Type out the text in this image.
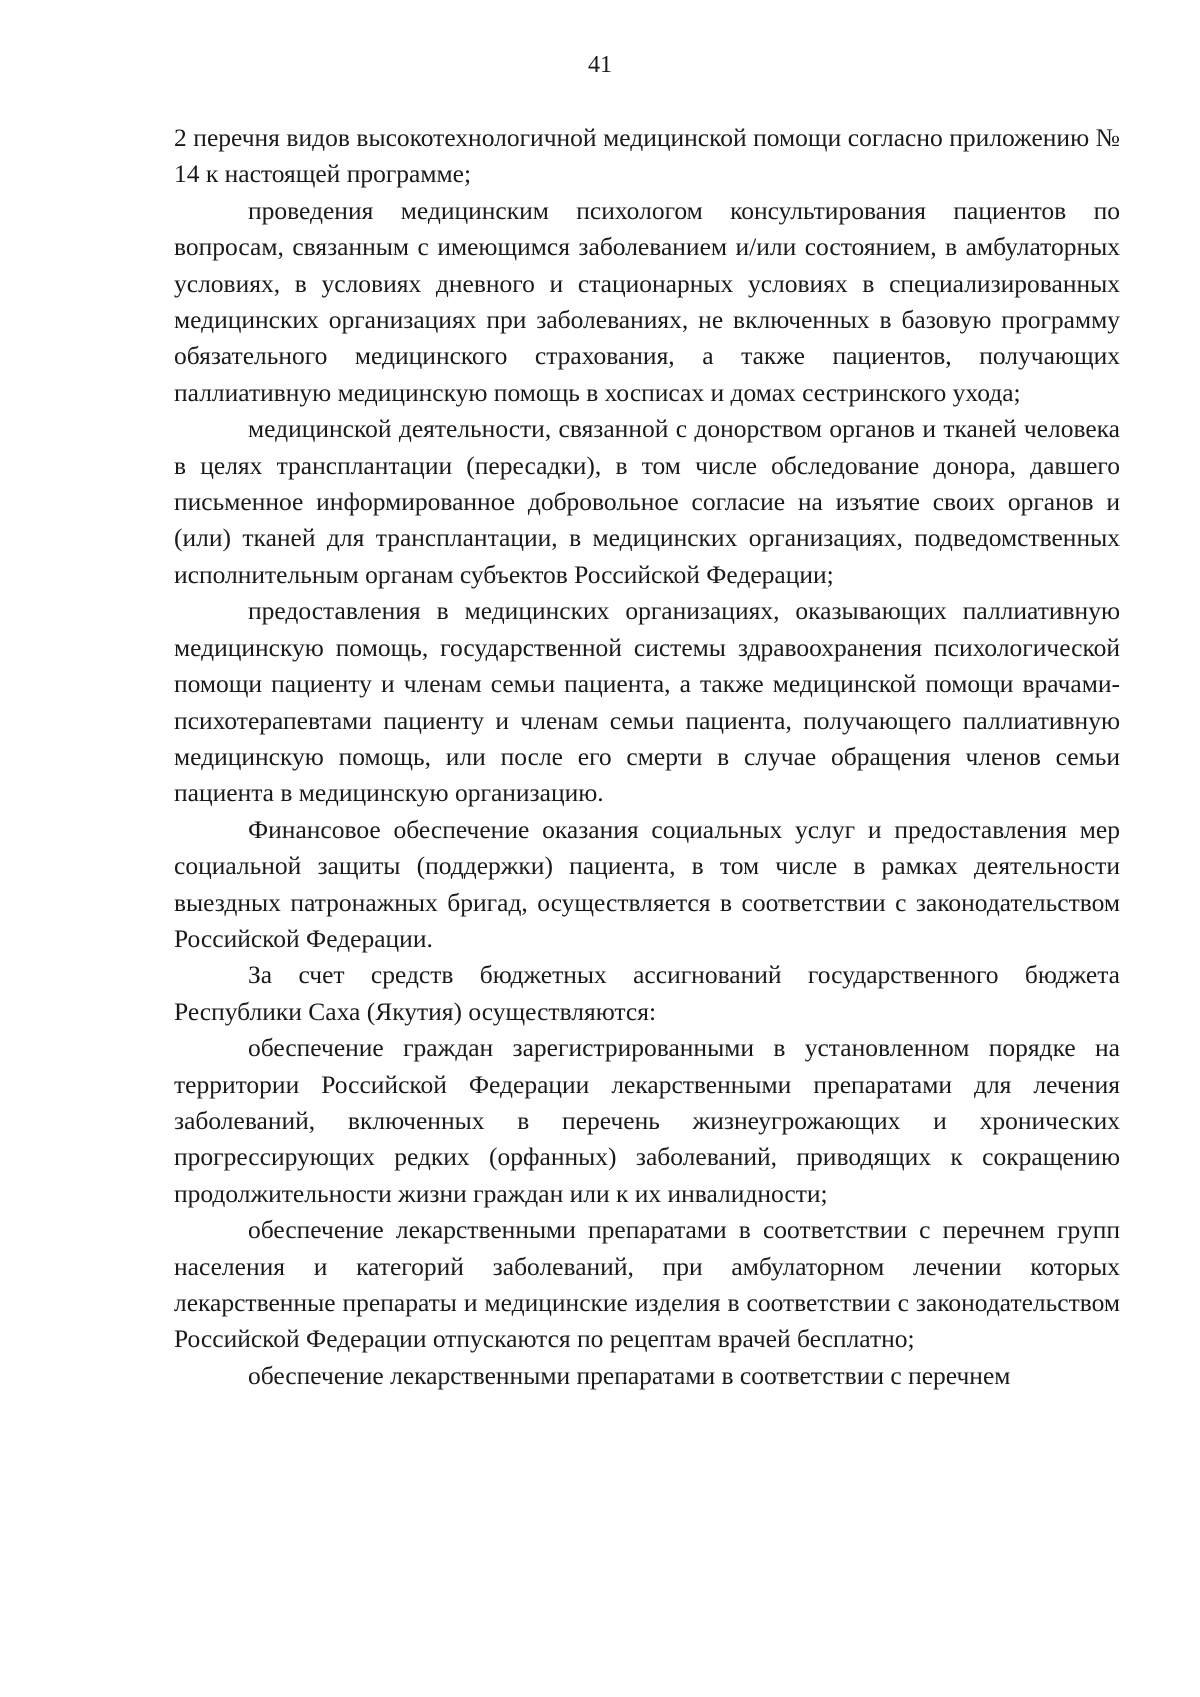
41

2 перечня видов высокотехнологичной медицинской помощи согласно приложению № 14 к настоящей программе;

проведения медицинским психологом консультирования пациентов по вопросам, связанным с имеющимся заболеванием и/или состоянием, в амбулаторных условиях, в условиях дневного и стационарных условиях в специализированных медицинских организациях при заболеваниях, не включенных в базовую программу обязательного медицинского страхования, а также пациентов, получающих паллиативную медицинскую помощь в хосписах и домах сестринского ухода;

медицинской деятельности, связанной с донорством органов и тканей человека в целях трансплантации (пересадки), в том числе обследование донора, давшего письменное информированное добровольное согласие на изъятие своих органов и (или) тканей для трансплантации, в медицинских организациях, подведомственных исполнительным органам субъектов Российской Федерации;

предоставления в медицинских организациях, оказывающих паллиативную медицинскую помощь, государственной системы здравоохранения психологической помощи пациенту и членам семьи пациента, а также медицинской помощи врачами-психотерапевтами пациенту и членам семьи пациента, получающего паллиативную медицинскую помощь, или после его смерти в случае обращения членов семьи пациента в медицинскую организацию.

Финансовое обеспечение оказания социальных услуг и предоставления мер социальной защиты (поддержки) пациента, в том числе в рамках деятельности выездных патронажных бригад, осуществляется в соответствии с законодательством Российской Федерации.

За счет средств бюджетных ассигнований государственного бюджета Республики Саха (Якутия) осуществляются:

обеспечение граждан зарегистрированными в установленном порядке на территории Российской Федерации лекарственными препаратами для лечения заболеваний, включенных в перечень жизнеугрожающих и хронических прогрессирующих редких (орфанных) заболеваний, приводящих к сокращению продолжительности жизни граждан или к их инвалидности;

обеспечение лекарственными препаратами в соответствии с перечнем групп населения и категорий заболеваний, при амбулаторном лечении которых лекарственные препараты и медицинские изделия в соответствии с законодательством Российской Федерации отпускаются по рецептам врачей бесплатно;

обеспечение лекарственными препаратами в соответствии с перечнем
